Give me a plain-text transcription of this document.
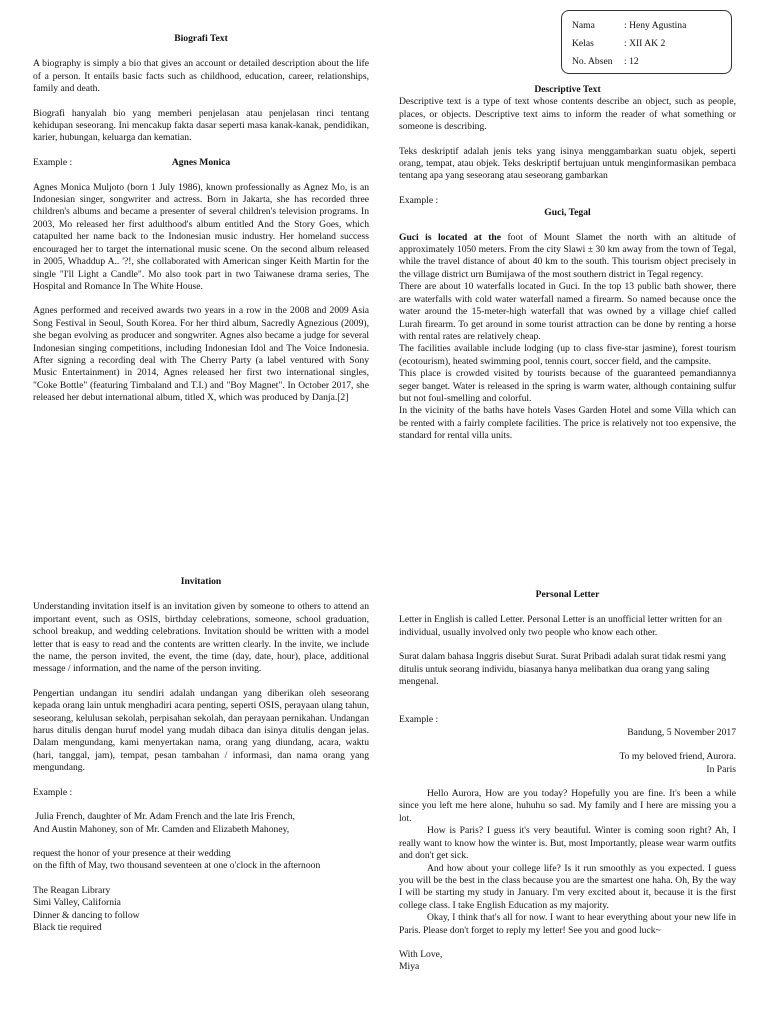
Nama	: Heny Agustina
Kelas	: XII AK 2
No. Absen	: 12

Biografi Text

A biography is simply a bio that gives an account or detailed description about the life of a person. It entails basic facts such as childhood, education, career, relationships, family and death.

Biografi hanyalah bio yang memberi penjelasan atau penjelasan rinci tentang kehidupan seseorang. Ini mencakup fakta dasar seperti masa kanak-kanak, pendidikan, karier, hubungan, keluarga dan kematian.

Example :	Agnes Monica

Agnes Monica Muljoto (born 1 July 1986), known professionally as Agnez Mo, is an Indonesian singer, songwriter and actress. Born in Jakarta, she has recorded three children's albums and became a presenter of several children's television programs. In 2003, Mo released her first adulthood's album entitled And the Story Goes, which catapulted her name back to the Indonesian music industry. Her homeland success encouraged her to target the international music scene. On the second album released in 2005, Whaddup A.. '?!, she collaborated with American singer Keith Martin for the single "I'll Light a Candle". Mo also took part in two Taiwanese drama series, The Hospital and Romance In The White House.

Agnes performed and received awards two years in a row in the 2008 and 2009 Asia Song Festival in Seoul, South Korea. For her third album, Sacredly Agnezious (2009), she began evolving as producer and songwriter. Agnes also became a judge for several Indonesian singing competitions, including Indonesian Idol and The Voice Indonesia. After signing a recording deal with The Cherry Party (a label ventured with Sony Music Entertainment) in 2014, Agnes released her first two international singles, "Coke Bottle" (featuring Timbaland and T.I.) and "Boy Magnet". In October 2017, she released her debut international album, titled X, which was produced by Danja.[2]

Descriptive Text

Descriptive text is a type of text whose contents describe an object, such as people, places, or objects. Descriptive text aims to inform the reader of what something or someone is describing.

Teks deskriptif adalah jenis teks yang isinya menggambarkan suatu objek, seperti orang, tempat, atau objek. Teks deskriptif bertujuan untuk menginformasikan pembaca tentang apa yang seseorang atau seseorang gambarkan

Example :

Guci, Tegal

Guci is located at the foot of Mount Slamet the north with an altitude of approximately 1050 meters. From the city Slawi ± 30 km away from the town of Tegal, while the travel distance of about 40 km to the south. This tourism object precisely in the village district urn Bumijawa of the most southern district in Tegal regency.

There are about 10 waterfalls located in Guci. In the top 13 public bath shower, there are waterfalls with cold water waterfall named a firearm. So named because once the water around the 15-meter-high waterfall that was owned by a village chief called Lurah firearm. To get around in some tourist attraction can be done by renting a horse with rental rates are relatively cheap.

The facilities available include lodging (up to class five-star jasmine), forest tourism (ecotourism), heated swimming pool, tennis court, soccer field, and the campsite.

This place is crowded visited by tourists because of the guaranteed pemandiannya seger banget. Water is released in the spring is warm water, although containing sulfur but not foul-smelling and colorful.

In the vicinity of the baths have hotels Vases Garden Hotel and some Villa which can be rented with a fairly complete facilities. The price is relatively not too expensive, the standard for rental villa units.

Invitation

Understanding invitation itself is an invitation given by someone to others to attend an important event, such as OSIS, birthday celebrations, someone, school graduation, school breakup, and wedding celebrations. Invitation should be written with a model letter that is easy to read and the contents are written clearly. In the invite, we include the name, the person invited, the event, the time (day, date, hour), place, additional message / information, and the name of the person inviting.

Pengertian undangan itu sendiri adalah undangan yang diberikan oleh seseorang kepada orang lain untuk menghadiri acara penting, seperti OSIS, perayaan ulang tahun, seseorang, kelulusan sekolah, perpisahan sekolah, dan perayaan pernikahan. Undangan harus ditulis dengan huruf model yang mudah dibaca dan isinya ditulis dengan jelas. Dalam mengundang, kami menyertakan nama, orang yang diundang, acara, waktu (hari, tanggal, jam), tempat, pesan tambahan / informasi, dan nama orang yang mengundang.

Example :

Julia French, daughter of Mr. Adam French and the late Iris French,

And Austin Mahoney, son of Mr. Camden and Elizabeth Mahoney,

request the honor of your presence at their wedding

on the fifth of May, two thousand seventeen at one o'clock in the afternoon

The Reagan Library

Simi Valley, California

Dinner & dancing to follow

Black tie required

Personal Letter

Letter in English is called Letter. Personal Letter is an unofficial letter written for an individual, usually involved only two people who know each other.

Surat dalam bahasa Inggris disebut Surat. Surat Pribadi adalah surat tidak resmi yang ditulis untuk seorang individu, biasanya hanya melibatkan dua orang yang saling mengenal.

Example :

Bandung, 5 November 2017

To my beloved friend, Aurora.

In Paris

Hello Aurora, How are you today? Hopefully you are fine. It's been a while since you left me here alone, huhuhu so sad. My family and I here are missing you a lot.

How is Paris? I guess it's very beautiful. Winter is coming soon right? Ah, I really want to know how the winter is. But, most Importantly, please wear warm outfits and don't get sick.

And how about your college life? Is it run smoothly as you expected. I guess you will be the best in the class because you are the smartest one haha. Oh, By the way I will be starting my study in January. I'm very excited about it, because it is the first college class. I take English Education as my majority.

Okay, I think that's all for now. I want to hear everything about your new life in Paris. Please don't forget to reply my letter! See you and good luck~

With Love,

Miya
